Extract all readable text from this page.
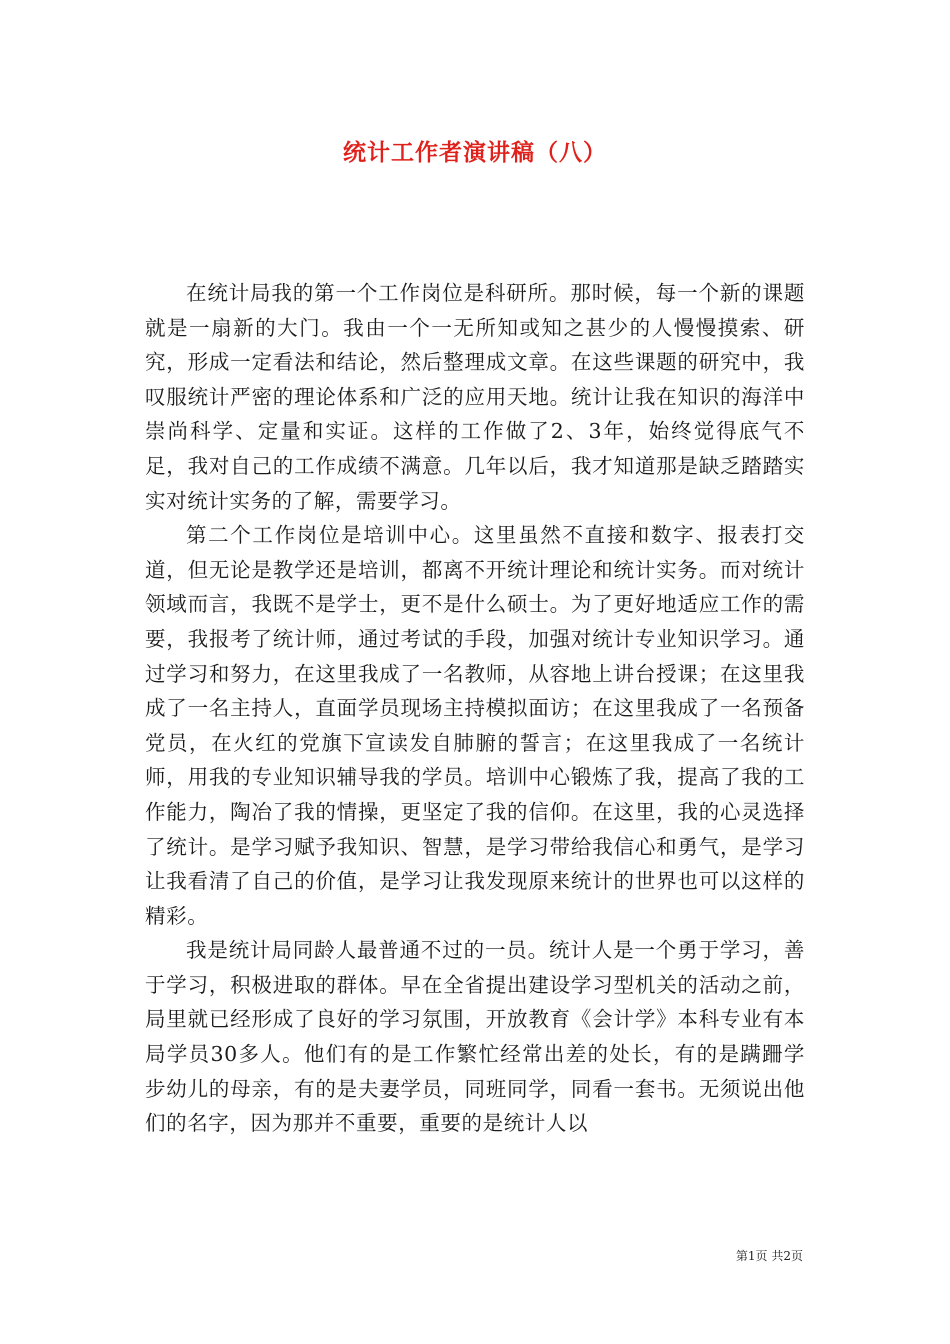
统计工作者演讲稿（八）

在统计局我的第一个工作岗位是科研所。那时候，每一个新的课题就是一扇新的大门。我由一个一无所知或知之甚少的人慢慢摸索、研究，形成一定看法和结论，然后整理成文章。在这些课题的研究中，我叹服统计严密的理论体系和广泛的应用天地。统计让我在知识的海洋中崇尚科学、定量和实证。这样的工作做了2、3年，始终觉得底气不足，我对自己的工作成绩不满意。几年以后，我才知道那是缺乏踏踏实实对统计实务的了解，需要学习。

第二个工作岗位是培训中心。这里虽然不直接和数字、报表打交道，但无论是教学还是培训，都离不开统计理论和统计实务。而对统计领域而言，我既不是学士，更不是什么硕士。为了更好地适应工作的需要，我报考了统计师，通过考试的手段，加强对统计专业知识学习。通过学习和努力，在这里我成了一名教师，从容地上讲台授课；在这里我成了一名主持人，直面学员现场主持模拟面访；在这里我成了一名预备党员，在火红的党旗下宣读发自肺腑的誓言；在这里我成了一名统计师，用我的专业知识辅导我的学员。培训中心锻炼了我，提高了我的工作能力，陶冶了我的情操，更坚定了我的信仰。在这里，我的心灵选择了统计。是学习赋予我知识、智慧，是学习带给我信心和勇气，是学习让我看清了自己的价值，是学习让我发现原来统计的世界也可以这样的精彩。

我是统计局同龄人最普通不过的一员。统计人是一个勇于学习，善于学习，积极进取的群体。早在全省提出建设学习型机关的活动之前，局里就已经形成了良好的学习氛围，开放教育《会计学》本科专业有本局学员30多人。他们有的是工作繁忙经常出差的处长，有的是蹒跚学步幼儿的母亲，有的是夫妻学员，同班同学，同看一套书。无须说出他们的名字，因为那并不重要，重要的是统计人以

第1页 共2页
